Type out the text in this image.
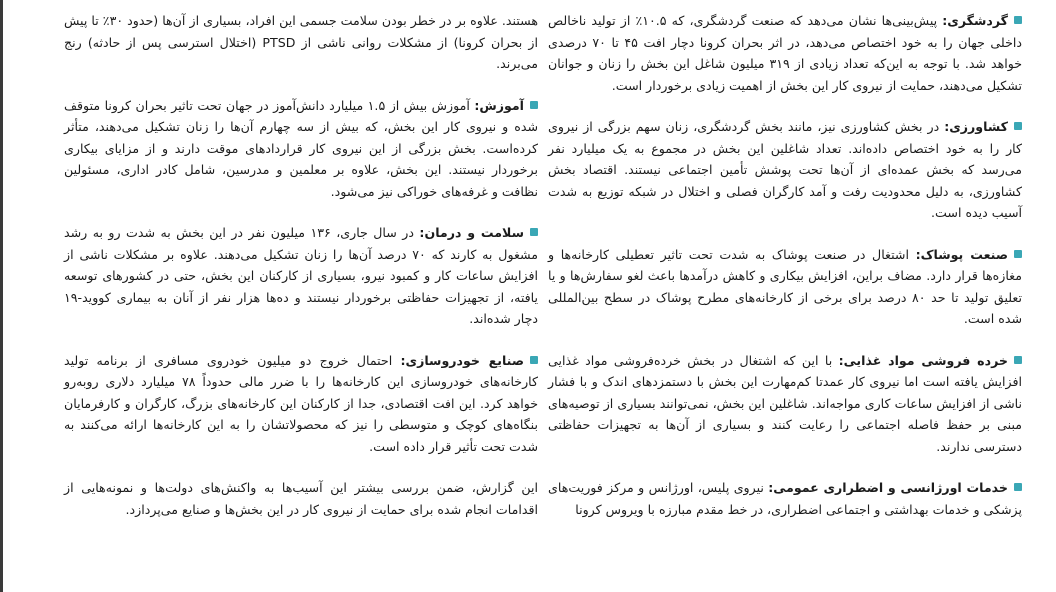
گردشگری: پیش‌بینی‌ها نشان می‌دهد که صنعت گردشگری، که ۱۰.۵٪ از تولید ناخالص داخلی جهان را به خود اختصاص می‌دهد، در اثر بحران کرونا دچار افت ۴۵ تا ۷۰ درصدی خواهد شد. با توجه به این‌که تعداد زیادی از ۳۱۹ میلیون شاغل این بخش را زنان و جوانان تشکیل می‌دهند، حمایت از نیروی کار این بخش از اهمیت زیادی برخوردار است.

کشاورزی: در بخش کشاورزی نیز، مانند بخش گردشگری، زنان سهم بزرگی از نیروی کار را به خود اختصاص داده‌اند. تعداد شاغلین این بخش در مجموع به یک میلیارد نفر می‌رسد که بخش عمده‌ای از آن‌ها تحت پوشش تأمین اجتماعی نیستند. اقتصاد بخش کشاورزی، به دلیل محدودیت رفت و آمد کارگران فصلی و اختلال در شبکه توزیع به شدت آسیب دیده است.

صنعت پوشاک: اشتغال در صنعت پوشاک به شدت تحت تاثیر تعطیلی کارخانه‌ها و مغازه‌ها قرار دارد. مضاف براین، افزایش بیکاری و کاهش درآمدها باعث لغو سفارش‌ها و یا تعلیق تولید تا حد ۸۰ درصد برای برخی از کارخانه‌های مطرح پوشاک در سطح بین‌المللی شده است.

خرده فروشی مواد غذایی: با این که اشتغال در بخش خرده‌فروشی مواد غذایی افزایش یافته است اما نیروی کار عمدتا کم‌مهارت این بخش با دستمزدهای اندک و با فشار ناشی از افزایش ساعات کاری مواجه‌اند. شاغلین این بخش، نمی‌توانند بسیاری از توصیه‌های مبنی بر حفظ فاصله اجتماعی را رعایت کنند و بسیاری از آن‌ها به تجهیزات حفاظتی دسترسی ندارند.

خدمات اورژانسی و اضطراری عمومی: نیروی پلیس، اورژانس و مرکز فوریت‌های پزشکی و خدمات بهداشتی و اجتماعی اضطراری، در خط مقدم مبارزه با ویروس کرونا

هستند. علاوه بر در خطر بودن سلامت جسمی این افراد، بسیاری از آن‌ها (حدود ۳۰٪ تا پیش از بحران کرونا) از مشکلات روانی ناشی از PTSD (اختلال استرسی پس از حادثه) رنج می‌برند.

آموزش: آموزش بیش از ۱.۵ میلیارد دانش‌آموز در جهان تحت تاثیر بحران کرونا متوقف شده و نیروی کار این بخش، که بیش از سه چهارم آن‌ها را زنان تشکیل می‌دهند، متأثر کرده‌است. بخش بزرگی از این نیروی کار قراردادهای موقت دارند و از مزایای بیکاری برخوردار نیستند. این بخش، علاوه بر معلمین و مدرسین، شامل کادر اداری، مسئولین نظافت و غرفه‌های خوراکی نیز می‌شود.

سلامت و درمان: در سال جاری، ۱۳۶ میلیون نفر در این بخش به شدت رو به رشد مشغول به کارند که ۷۰ درصد آن‌ها را زنان تشکیل می‌دهند. علاوه بر مشکلات ناشی از افزایش ساعات کار و کمبود نیرو، بسیاری از کارکنان این بخش، حتی در کشورهای توسعه یافته، از تجهیزات حفاظتی برخوردار نیستند و ده‌ها هزار نفر از آنان به بیماری کووید-۱۹ دچار شده‌اند.

صنایع خودروسازی: احتمال خروج دو میلیون خودروی مسافری از برنامه تولید کارخانه‌های خودروسازی این کارخانه‌ها را با ضرر مالی حدوداً ۷۸ میلیارد دلاری روبه‌رو خواهد کرد. این افت اقتصادی، جدا از کارکنان این کارخانه‌های بزرگ، کارگران و کارفرمایان بنگاه‌های کوچک و متوسطی را نیز که محصولاتشان را به این کارخانه‌ها ارائه می‌کنند به شدت تحت تأثیر قرار داده است.

این گزارش، ضمن بررسی بیشتر این آسیب‌ها به واکنش‌های دولت‌ها و نمونه‌هایی از اقدامات انجام شده برای حمایت از نیروی کار در این بخش‌ها و صنایع می‌پردازد.
